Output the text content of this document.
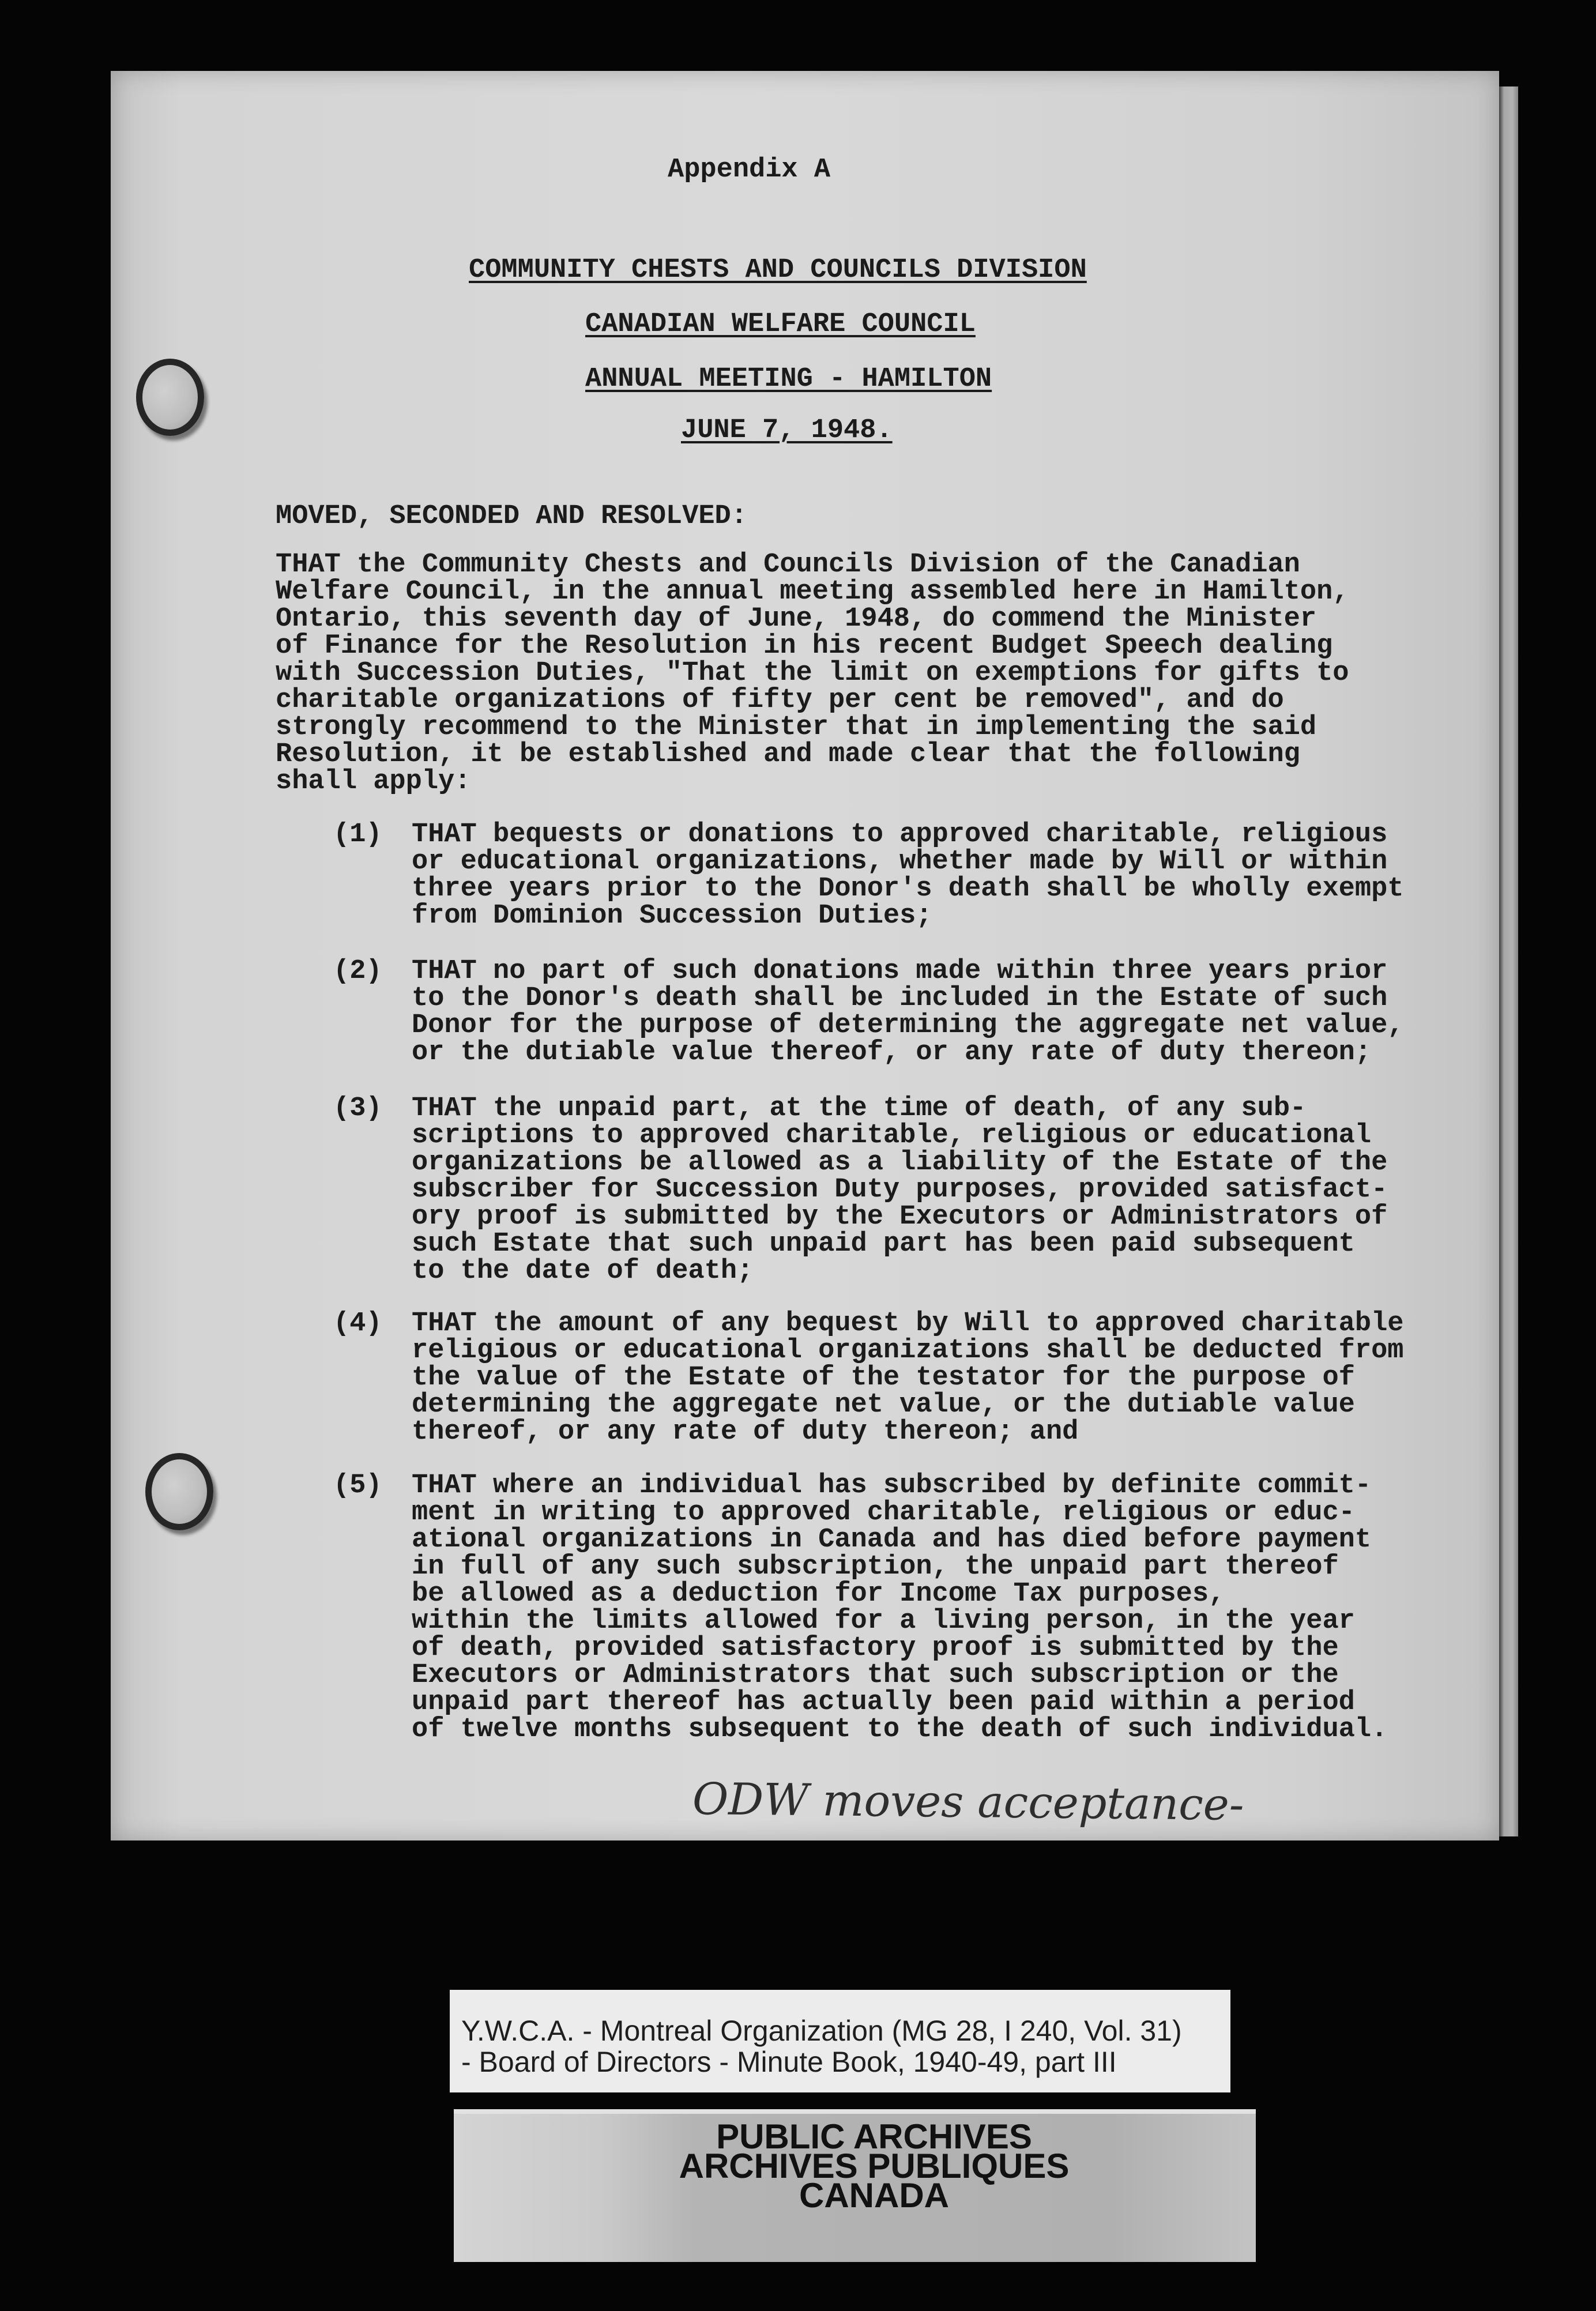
Appendix A
COMMUNITY CHESTS AND COUNCILS DIVISION
CANADIAN WELFARE COUNCIL
ANNUAL MEETING - HAMILTON
JUNE 7, 1948.
MOVED, SECONDED AND RESOLVED:
THAT the Community Chests and Councils Division of the Canadian
Welfare Council, in the annual meeting assembled here in Hamilton,
Ontario, this seventh day of June, 1948, do commend the Minister
of Finance for the Resolution in his recent Budget Speech dealing
with Succession Duties, "That the limit on exemptions for gifts to
charitable organizations of fifty per cent be removed", and do
strongly recommend to the Minister that in implementing the said
Resolution, it be established and made clear that the following
shall apply:
(1) THAT bequests or donations to approved charitable, religious
or educational organizations, whether made by Will or within
three years prior to the Donor's death shall be wholly exempt
from Dominion Succession Duties;
(2) THAT no part of such donations made within three years prior
to the Donor's death shall be included in the Estate of such
Donor for the purpose of determining the aggregate net value,
or the dutiable value thereof, or any rate of duty thereon;
(3) THAT the unpaid part, at the time of death, of any sub-
scriptions to approved charitable, religious or educational
organizations be allowed as a liability of the Estate of the
subscriber for Succession Duty purposes, provided satisfact-
ory proof is submitted by the Executors or Administrators of
such Estate that such unpaid part has been paid subsequent
to the date of death;
(4) THAT the amount of any bequest by Will to approved charitable
religious or educational organizations shall be deducted from
the value of the Estate of the testator for the purpose of
determining the aggregate net value, or the dutiable value
thereof, or any rate of duty thereon; and
(5) THAT where an individual has subscribed by definite commit-
ment in writing to approved charitable, religious or educ-
ational organizations in Canada and has died before payment
in full of any such subscription, the unpaid part thereof
be allowed as a deduction for Income Tax purposes,
within the limits allowed for a living person, in the year
of death, provided satisfactory proof is submitted by the
Executors or Administrators that such subscription or the
unpaid part thereof has actually been paid within a period
of twelve months subsequent to the death of such individual.
ODW moves acceptance-
Y.W.C.A. - Montreal Organization (MG 28, I 240, Vol. 31)
- Board of Directors - Minute Book, 1940-49, part III
PUBLIC ARCHIVES
ARCHIVES PUBLIQUES
CANADA
